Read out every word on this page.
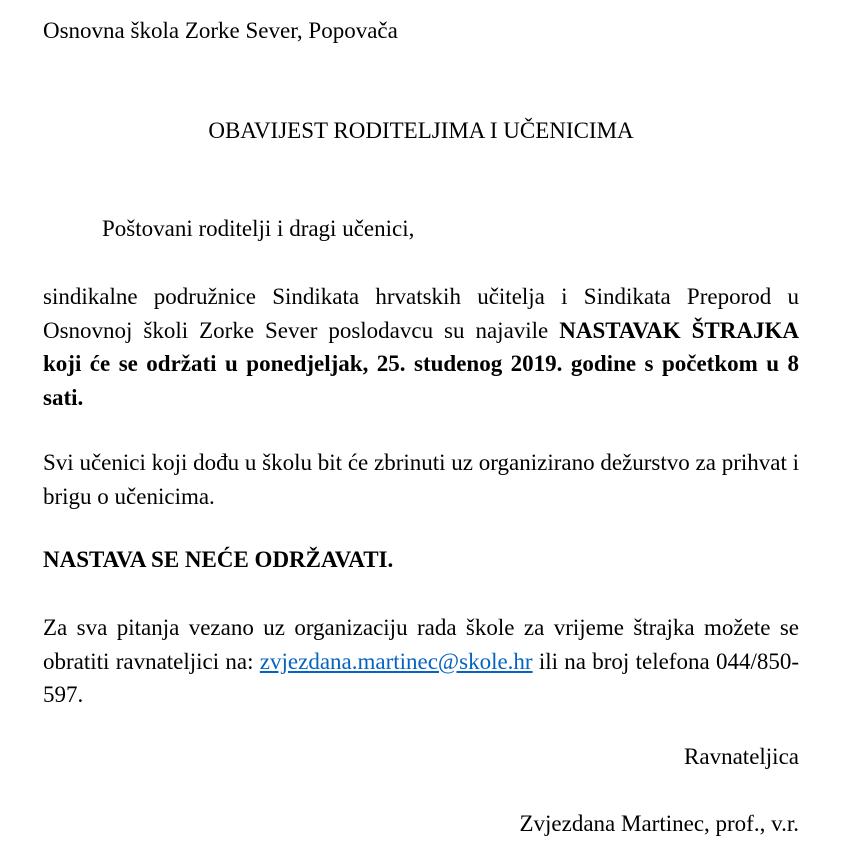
Osnovna škola Zorke Sever, Popovača
OBAVIJEST RODITELJIMA I UČENICIMA
Poštovani roditelji i dragi učenici,
sindikalne podružnice Sindikata hrvatskih učitelja i Sindikata Preporod u Osnovnoj školi Zorke Sever poslodavcu su najavile NASTAVAK ŠTRAJKA koji će se održati u ponedjeljak, 25. studenog 2019. godine s početkom u 8 sati.
Svi učenici koji dođu u školu bit će zbrinuti uz organizirano dežurstvo za prihvat i brigu o učenicima.
NASTAVA SE NEĆE ODRŽAVATI.
Za sva pitanja vezano uz organizaciju rada škole za vrijeme štrajka možete se obratiti ravnateljici na: zvjezdana.martinec@skole.hr ili na broj telefona 044/850-597.
Ravnateljica
Zvjezdana Martinec, prof., v.r.
